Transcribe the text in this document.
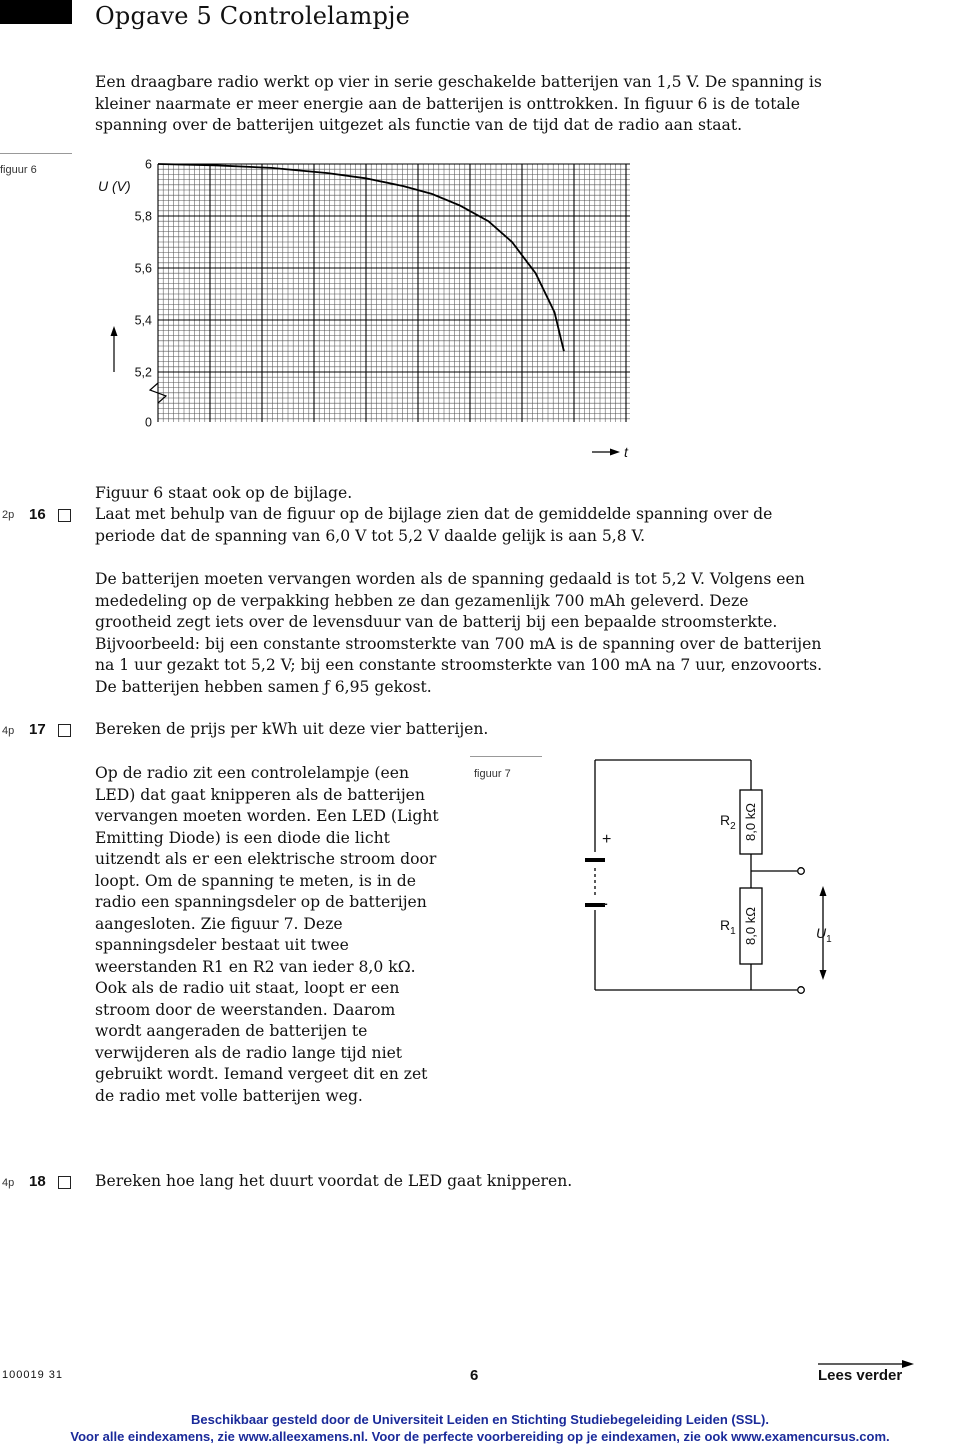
Opgave 5 Controlelampje

Een draagbare radio werkt op vier in serie geschakelde batterijen van 1,5 V. De spanning is kleiner naarmate er meer energie aan de batterijen is onttrokken. In figuur 6 is de totale spanning over de batterijen uitgezet als functie van de tijd dat de radio aan staat.

figuur 6	6
5,8
5,6
5,4
5,2
0
U (V)
t
2p 16

Figuur 6 staat ook op de bijlage.

Laat met behulp van de figuur op de bijlage zien dat de gemiddelde spanning over de

periode dat de spanning van 6,0 V tot 5,2 V daalde gelijk is aan 5,8 V.

De batterijen moeten vervangen worden als de spanning gedaald is tot 5,2 V. Volgens een mededeling op de verpakking hebben ze dan gezamenlijk 700 mAh geleverd. Deze grootheid zegt iets over de levensduur van de batterij bij een bepaalde stroomsterkte. Bijvoorbeeld: bij een constante stroomsterkte van 700 mA is de spanning over de batterijen na 1 uur gezakt tot 5,2 V; bij een constante stroomsterkte van 100 mA na 7 uur, enzovoorts. De batterijen hebben samen ƒ 6,95 gekost.

4p 17	Bereken de prijs per kWh uit deze vier batterijen.

Op de radio zit een controlelampje (een LED) dat gaat knipperen als de batterijen vervangen moeten worden. Een LED (Light Emitting Diode) is een diode die licht uitzendt als er een elektrische stroom door loopt. Om de spanning te meten, is in de radio een spanningsdeler op de batterijen aangesloten. Zie figuur 7. Deze spanningsdeler bestaat uit twee weerstanden R1 en R2 van ieder 8,0 kΩ. Ook als de radio uit staat, loopt er een stroom door de weerstanden. Daarom wordt aangeraden de batterijen te verwijderen als de radio lange tijd niet gebruikt wordt. Iemand vergeet dit en zet de radio met volle batterijen weg.

figuur 7
+
-
$R_2$
$R_1$
8,0 kΩ
8,0 kΩ	$U_1$
4p 18	Bereken hoe lang het duurt voordat de LED gaat knipperen.

100019 31	6	Lees verder
Beschikbaar gesteld door de Universiteit Leiden en Stichting Studiebegeleiding Leiden (SSL).
Voor alle eindexamens, zie www.alleexamens.nl. Voor de perfecte voorbereiding op je eindexamen, zie ook www.examencursus.com.
